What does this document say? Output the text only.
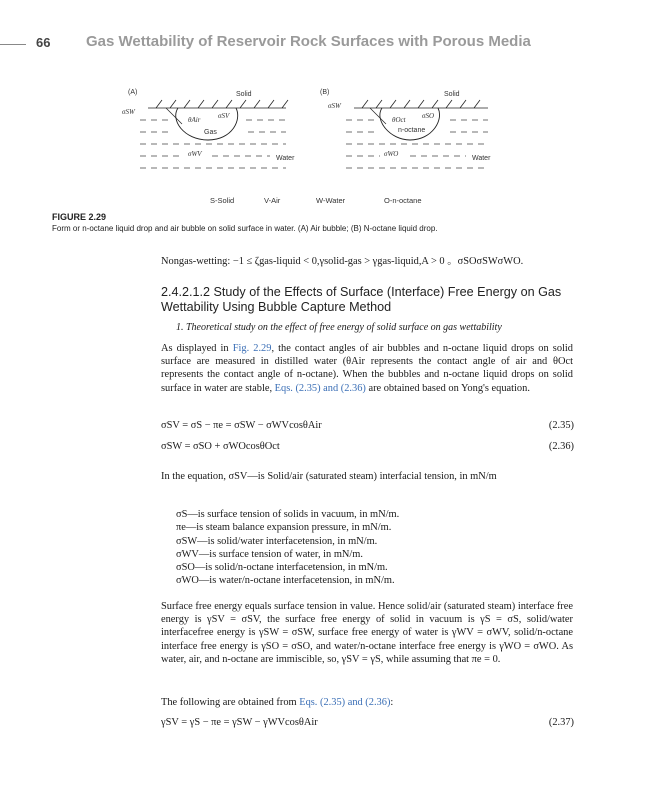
66 Gas Wettability of Reservoir Rock Surfaces with Porous Media
(A)	Solid
σSW
θAir	σSV
Gas
σWV
Water
(B)	Solid
σSW
θOct σSO
n-octane
σWO
Water
S-Solid	V-Air	W-Water	O-n-octane
FIGURE 2.29
Form or n-octane liquid drop and air bubble on solid surface in water. (A) Air bubble; (B) N-octane liquid drop.
Nongas-wetting: −1 ≤ ζgas-liquid < 0,γsolid-gas > γgas-liquid,A > 0 。σSOσSWσWO.
2.4.2.1.2 Study of the Effects of Surface (Interface) Free Energy on Gas Wettability Using Bubble Capture Method
1. Theoretical study on the effect of free energy of solid surface on gas wettability
As displayed in Fig. 2.29, the contact angles of air bubbles and n-octane liquid drops on solid surface are measured in distilled water (θAir represents the contact angle of air and θOct represents the contact angle of n-octane). When the bubbles and n-octane liquid drops on solid surface in water are stable, Eqs. (2.35) and (2.36) are obtained based on Yong's equation.
σSV = σS − πe = σSW − σWVcosθAir	(2.35)
σSW = σSO + σWOcosθOct	(2.36)
In the equation, σSV—is Solid/air (saturated steam) interfacial tension, in mN/m
σS—is surface tension of solids in vacuum, in mN/m.
πe—is steam balance expansion pressure, in mN/m.
σSW—is solid/water interfacetension, in mN/m.
σWV—is surface tension of water, in mN/m.
σSO—is solid/n-octane interfacetension, in mN/m.
σWO—is water/n-octane interfacetension, in mN/m.
Surface free energy equals surface tension in value. Hence solid/air (saturated steam) interface free energy is γSV = σSV, the surface free energy of solid in vacuum is γS = σS, solid/water interfacefree energy is γSW = σSW, surface free energy of water is γWV = σWV, solid/n-octane interface free energy is γSO = σSO, and water/n-octane interface free energy is γWO = σWO. As water, air, and n-octane are immiscible, so, γSV = γS, while assuming that πe = 0.
The following are obtained from Eqs. (2.35) and (2.36):
γSV = γS − πe = γSW − γWVcosθAir	(2.37)
